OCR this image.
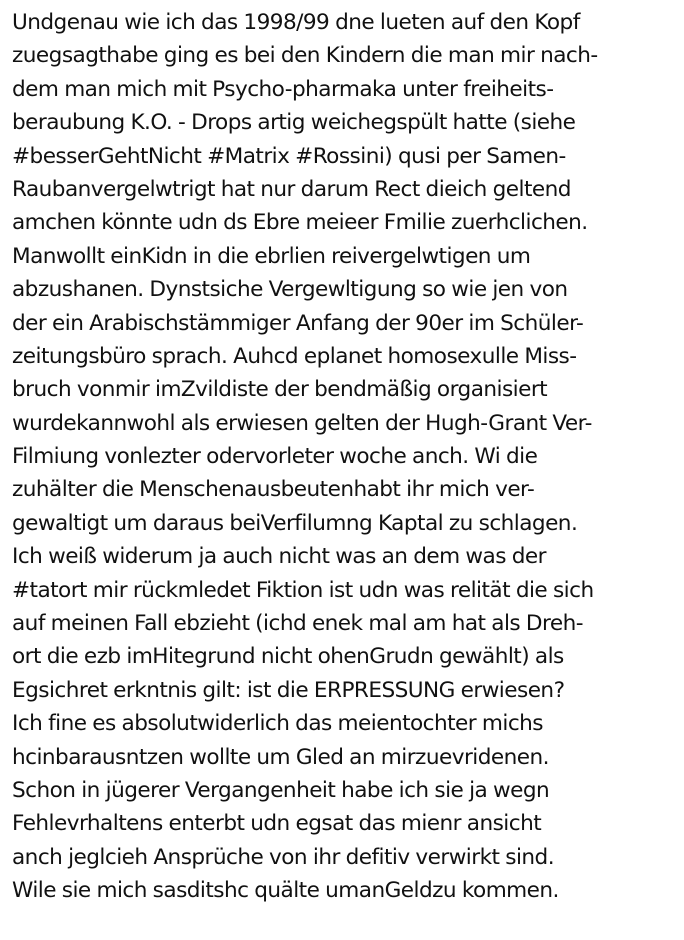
Undgenau wie ich das 1998/99 dne lueten auf den Kopf
zuegsagthabe ging es bei den Kindern die man mir nach-
dem man mich mit Psycho-pharmaka unter freiheits-
beraubung K.O. - Drops artig weichegspült hatte (siehe
#besserGehtNicht #Matrix #Rossini) qusi per Samen-
Raubanvergelwtrigt hat nur darum Rect dieich geltend
amchen könnte udn ds Ebre meieer Fmilie zuerhclichen.
Manwollt einKidn in die ebrlien reivergelwtigen um
abzushanen. Dynstsiche Vergewltigung so wie jen von
der ein Arabischstämmiger Anfang der 90er im Schüler-
zeitungsbüro sprach. Auhcd eplanet homosexulle Miss-
bruch vonmir imZvildiste der bendmäßig organisiert
wurdekannwohl als erwiesen gelten der Hugh-Grant Ver-
Filmiung vonlezter odervorleter woche anch. Wi die
zuhälter die Menschenausbeutenhabt ihr mich ver-
gewaltigt um daraus beiVerfilumng Kaptal zu schlagen.
Ich weiß widerum ja auch nicht was an dem was der
#tatort mir rückmledet Fiktion ist udn was relität die sich
auf meinen Fall ebzieht (ichd enek mal am hat als Dreh-
ort die ezb imHitegrund nicht ohenGrudn gewählt) als
Egsichret erkntnis gilt: ist die ERPRESSUNG erwiesen?
Ich fine es absolutwiderlich das meientochter michs
hcinbarausntzen wollte um Gled an mirzuevridenen.
Schon in jügerer Vergangenheit habe ich sie ja wegn
Fehlevrhaltens enterbt udn egsat das mienr ansicht
anch jeglcieh Ansprüche von ihr defitiv verwirkt sind.
Wile sie mich sasditshc quälte umanGeldzu kommen.
